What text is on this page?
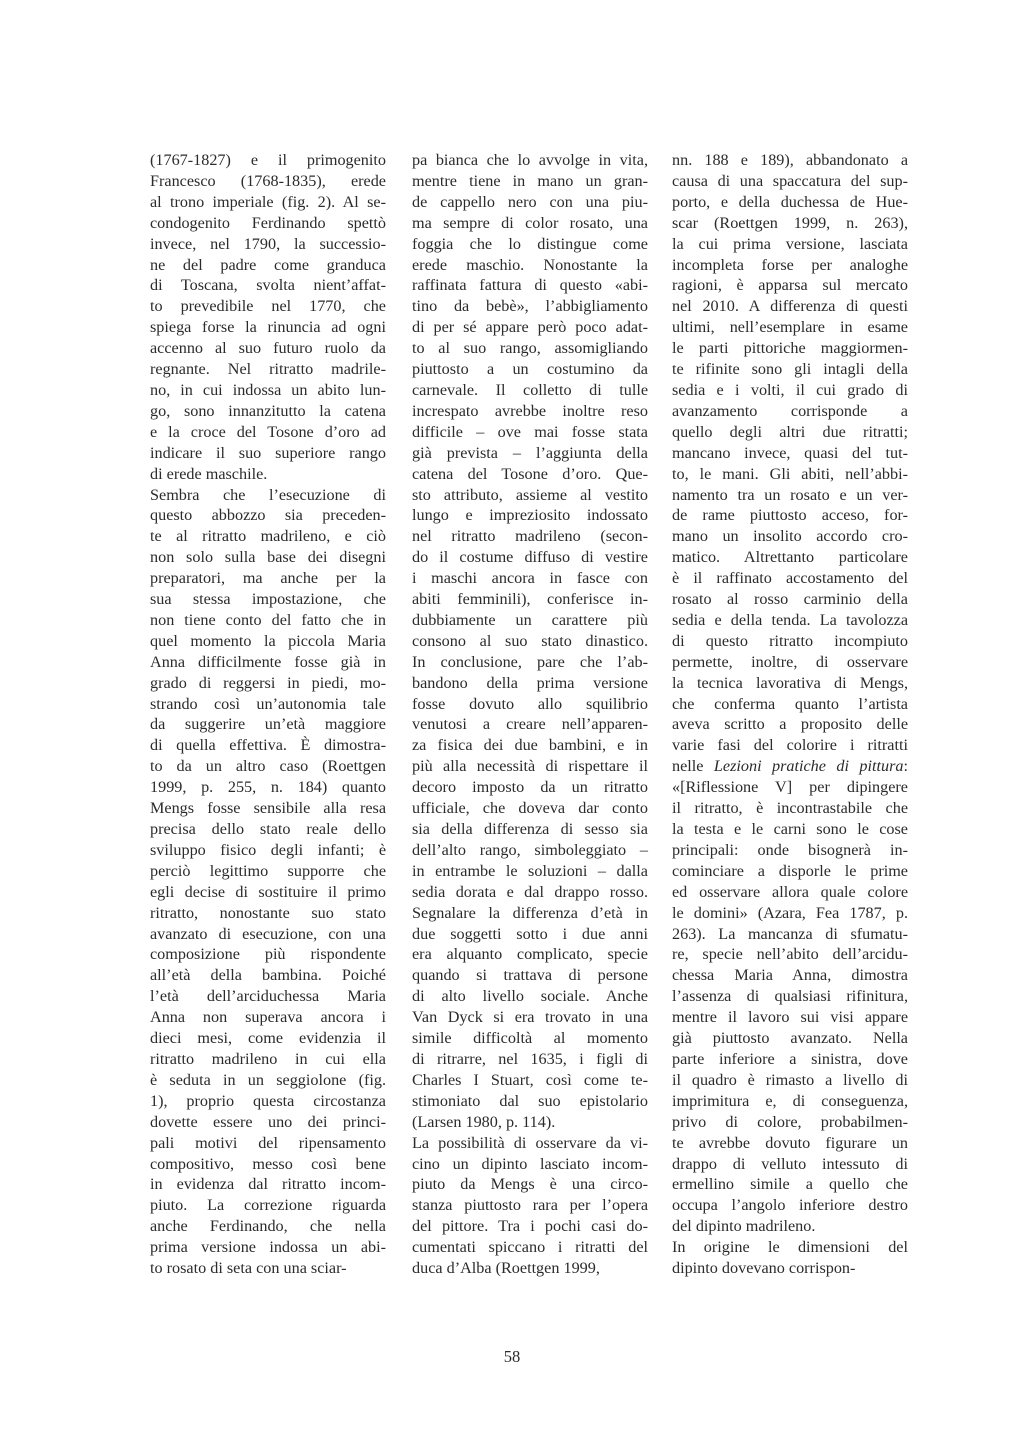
(1767-1827) e il primogenito
Francesco (1768-1835), erede
al trono imperiale (fig. 2). Al se-
condogenito Ferdinando spettò
invece, nel 1790, la successio-
ne del padre come granduca
di Toscana, svolta nient’affat-
to prevedibile nel 1770, che
spiega forse la rinuncia ad ogni
accenno al suo futuro ruolo da
regnante. Nel ritratto madrile-
no, in cui indossa un abito lun-
go, sono innanzitutto la catena
e la croce del Tosone d’oro ad
indicare il suo superiore rango
di erede maschile.
Sembra che l’esecuzione di
questo abbozzo sia preceden-
te al ritratto madrileno, e ciò
non solo sulla base dei disegni
preparatori, ma anche per la
sua stessa impostazione, che
non tiene conto del fatto che in
quel momento la piccola Maria
Anna difficilmente fosse già in
grado di reggersi in piedi, mo-
strando così un’autonomia tale
da suggerire un’età maggiore
di quella effettiva. È dimostra-
to da un altro caso (Roettgen
1999, p. 255, n. 184) quanto
Mengs fosse sensibile alla resa
precisa dello stato reale dello
sviluppo fisico degli infanti; è
perciò legittimo supporre che
egli decise di sostituire il primo
ritratto, nonostante suo stato
avanzato di esecuzione, con una
composizione più rispondente
all’età della bambina. Poiché
l’età dell’arciduchessa Maria
Anna non superava ancora i
dieci mesi, come evidenzia il
ritratto madrileno in cui ella
è seduta in un seggiolone (fig.
1), proprio questa circostanza
dovette essere uno dei princi-
pali motivi del ripensamento
compositivo, messo così bene
in evidenza dal ritratto incom-
piuto. La correzione riguarda
anche Ferdinando, che nella
prima versione indossa un abi-
to rosato di seta con una sciar-
pa bianca che lo avvolge in vita,
mentre tiene in mano un gran-
de cappello nero con una piu-
ma sempre di color rosato, una
foggia che lo distingue come
erede maschio. Nonostante la
raffinata fattura di questo «abi-
tino da bebè», l’abbigliamento
di per sé appare però poco adat-
to al suo rango, assomigliando
piuttosto a un costumino da
carnevale. Il colletto di tulle
increspato avrebbe inoltre reso
difficile – ove mai fosse stata
già prevista – l’aggiunta della
catena del Tosone d’oro. Que-
sto attributo, assieme al vestito
lungo e impreziosito indossato
nel ritratto madrileno (secon-
do il costume diffuso di vestire
i maschi ancora in fasce con
abiti femminili), conferisce in-
dubbiamente un carattere più
consono al suo stato dinastico.
In conclusione, pare che l’ab-
bandono della prima versione
fosse dovuto allo squilibrio
venutosi a creare nell’apparen-
za fisica dei due bambini, e in
più alla necessità di rispettare il
decoro imposto da un ritratto
ufficiale, che doveva dar conto
sia della differenza di sesso sia
dell’alto rango, simboleggiato –
in entrambe le soluzioni – dalla
sedia dorata e dal drappo rosso.
Segnalare la differenza d’età in
due soggetti sotto i due anni
era alquanto complicato, specie
quando si trattava di persone
di alto livello sociale. Anche
Van Dyck si era trovato in una
simile difficoltà al momento
di ritrarre, nel 1635, i figli di
Charles I Stuart, così come te-
stimoniato dal suo epistolario
(Larsen 1980, p. 114).
La possibilità di osservare da vi-
cino un dipinto lasciato incom-
piuto da Mengs è una circo-
stanza piuttosto rara per l’opera
del pittore. Tra i pochi casi do-
cumentati spiccano i ritratti del
duca d’Alba (Roettgen 1999,
nn. 188 e 189), abbandonato a
causa di una spaccatura del sup-
porto, e della duchessa de Hue-
scar (Roettgen 1999, n. 263),
la cui prima versione, lasciata
incompleta forse per analoghe
ragioni, è apparsa sul mercato
nel 2010. A differenza di questi
ultimi, nell’esemplare in esame
le parti pittoriche maggiormen-
te rifinite sono gli intagli della
sedia e i volti, il cui grado di
avanzamento corrisponde a
quello degli altri due ritratti;
mancano invece, quasi del tut-
to, le mani. Gli abiti, nell’abbi-
namento tra un rosato e un ver-
de rame piuttosto acceso, for-
mano un insolito accordo cro-
matico. Altrettanto particolare
è il raffinato accostamento del
rosato al rosso carminio della
sedia e della tenda. La tavolozza
di questo ritratto incompiuto
permette, inoltre, di osservare
la tecnica lavorativa di Mengs,
che conferma quanto l’artista
aveva scritto a proposito delle
varie fasi del colorire i ritratti
nelle Lezioni pratiche di pittura:
«[Riflessione V] per dipingere
il ritratto, è incontrastabile che
la testa e le carni sono le cose
principali: onde bisognerà in-
cominciare a disporle le prime
ed osservare allora quale colore
le domini» (Azara, Fea 1787, p.
263). La mancanza di sfumatu-
re, specie nell’abito dell’arcidu-
chessa Maria Anna, dimostra
l’assenza di qualsiasi rifinitura,
mentre il lavoro sui visi appare
già piuttosto avanzato. Nella
parte inferiore a sinistra, dove
il quadro è rimasto a livello di
imprimitura e, di conseguenza,
privo di colore, probabilmen-
te avrebbe dovuto figurare un
drappo di velluto intessuto di
ermellino simile a quello che
occupa l’angolo inferiore destro
del dipinto madrileno.
In origine le dimensioni del
dipinto dovevano corrispon-
58
